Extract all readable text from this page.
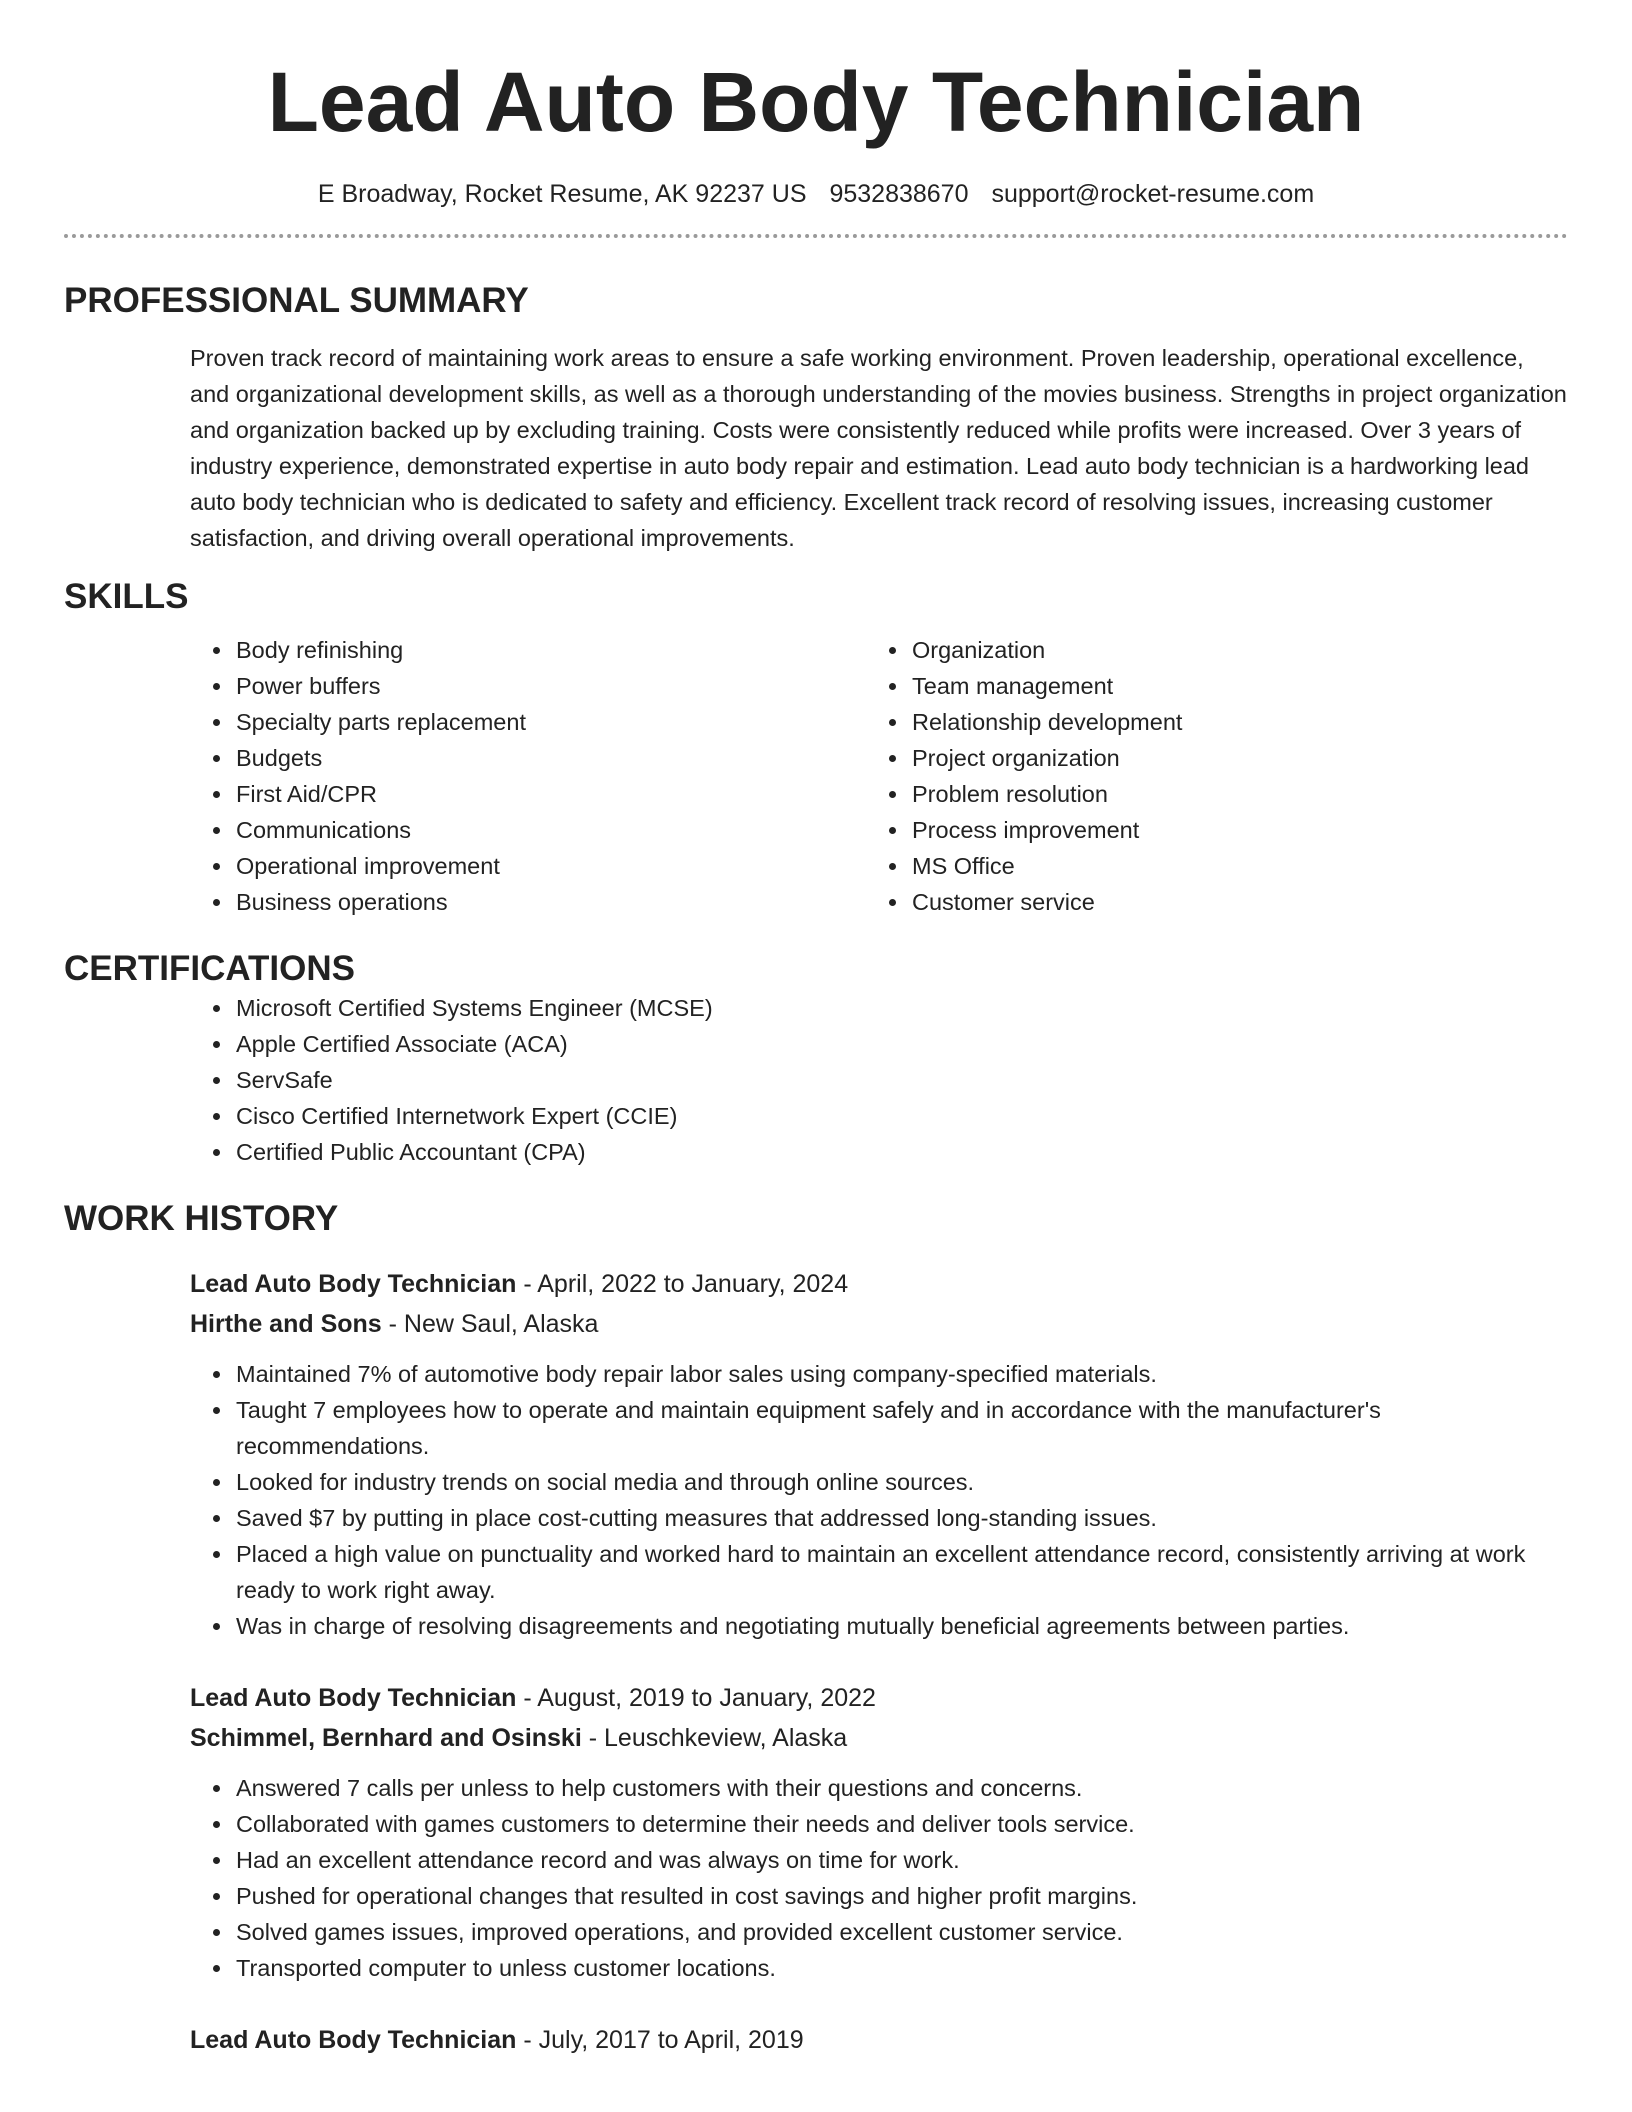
Lead Auto Body Technician
E Broadway, Rocket Resume, AK 92237 US 9532838670 support@rocket-resume.com
PROFESSIONAL SUMMARY

Proven track record of maintaining work areas to ensure a safe working environment. Proven leadership, operational excellence, and organizational development skills, as well as a thorough understanding of the movies business. Strengths in project organization and organization backed up by excluding training. Costs were consistently reduced while profits were increased. Over 3 years of industry experience, demonstrated expertise in auto body repair and estimation. Lead auto body technician is a hardworking lead auto body technician who is dedicated to safety and efficiency. Excellent track record of resolving issues, increasing customer satisfaction, and driving overall operational improvements.

SKILLS
• Body refinishing
• Power buffers
• Specialty parts replacement
• Budgets
• First Aid/CPR
• Communications
• Operational improvement
• Business operations
• Organization
• Team management
• Relationship development
• Project organization
• Problem resolution
• Process improvement
• MS Office
• Customer service
CERTIFICATIONS
• Microsoft Certified Systems Engineer (MCSE)
• Apple Certified Associate (ACA)
• ServSafe
• Cisco Certified Internetwork Expert (CCIE)
• Certified Public Accountant (CPA)
WORK HISTORY
Lead Auto Body Technician - April, 2022 to January, 2024
Hirthe and Sons - New Saul, Alaska
• Maintained 7% of automotive body repair labor sales using company-specified materials.
• Taught 7 employees how to operate and maintain equipment safely and in accordance with the manufacturer's recommendations.
• Looked for industry trends on social media and through online sources.
• Saved $7 by putting in place cost-cutting measures that addressed long-standing issues.
• Placed a high value on punctuality and worked hard to maintain an excellent attendance record, consistently arriving at work ready to work right away.
• Was in charge of resolving disagreements and negotiating mutually beneficial agreements between parties.
Lead Auto Body Technician - August, 2019 to January, 2022
Schimmel, Bernhard and Osinski - Leuschkeview, Alaska
• Answered 7 calls per unless to help customers with their questions and concerns.
• Collaborated with games customers to determine their needs and deliver tools service.
• Had an excellent attendance record and was always on time for work.
• Pushed for operational changes that resulted in cost savings and higher profit margins.
• Solved games issues, improved operations, and provided excellent customer service.
• Transported computer to unless customer locations.
Lead Auto Body Technician - July, 2017 to April, 2019
